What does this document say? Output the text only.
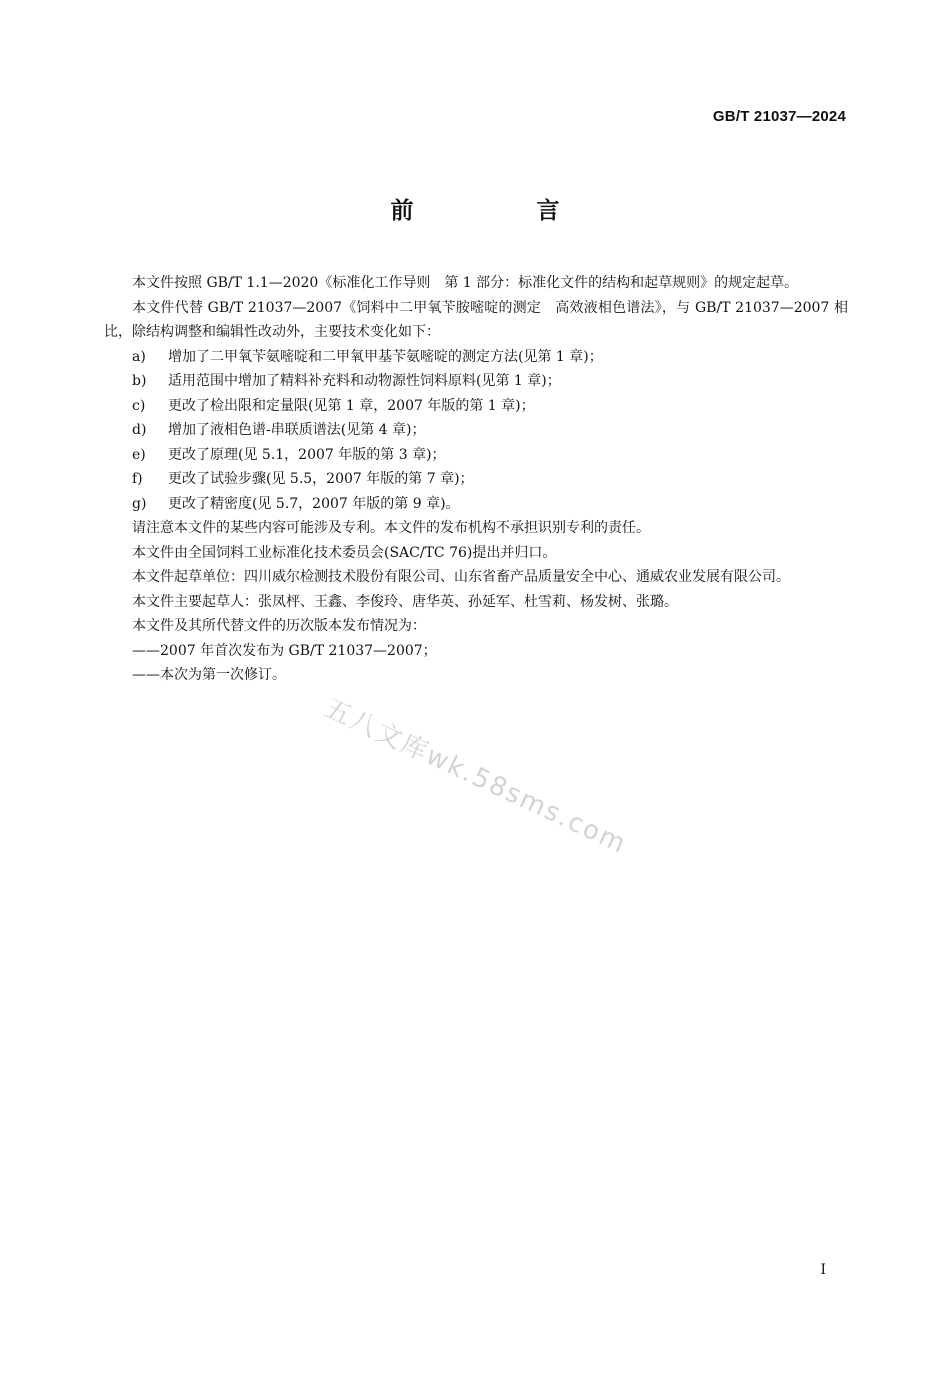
GB/T 21037—2024
前　言

本文件按照 GB/T 1.1—2020《标准化工作导则　第 1 部分：标准化文件的结构和起草规则》的规定起草。

本文件代替 GB/T 21037—2007《饲料中二甲氧苄胺嘧啶的测定　高效液相色谱法》，与 GB/T 21037—2007 相比，除结构调整和编辑性改动外，主要技术变化如下：

a) 增加了二甲氧苄氨嘧啶和二甲氧甲基苄氨嘧啶的测定方法(见第 1 章)；

b) 适用范围中增加了精料补充料和动物源性饲料原料(见第 1 章)；

c) 更改了检出限和定量限(见第 1 章，2007 年版的第 1 章)；

d) 增加了液相色谱-串联质谱法(见第 4 章)；

e) 更改了原理(见 5.1，2007 年版的第 3 章)；

f) 更改了试验步骤(见 5.5，2007 年版的第 7 章)；

g) 更改了精密度(见 5.7，2007 年版的第 9 章)。

请注意本文件的某些内容可能涉及专利。本文件的发布机构不承担识别专利的责任。

本文件由全国饲料工业标准化技术委员会(SAC/TC 76)提出并归口。

本文件起草单位：四川威尔检测技术股份有限公司、山东省畜产品质量安全中心、通威农业发展有限公司。

本文件主要起草人：张凤枰、王鑫、李俊玲、唐华英、孙延军、杜雪莉、杨发树、张璐。

本文件及其所代替文件的历次版本发布情况为：

——2007 年首次发布为 GB/T 21037—2007；

——本次为第一次修订。

五八文库wk.58sms.com
I
